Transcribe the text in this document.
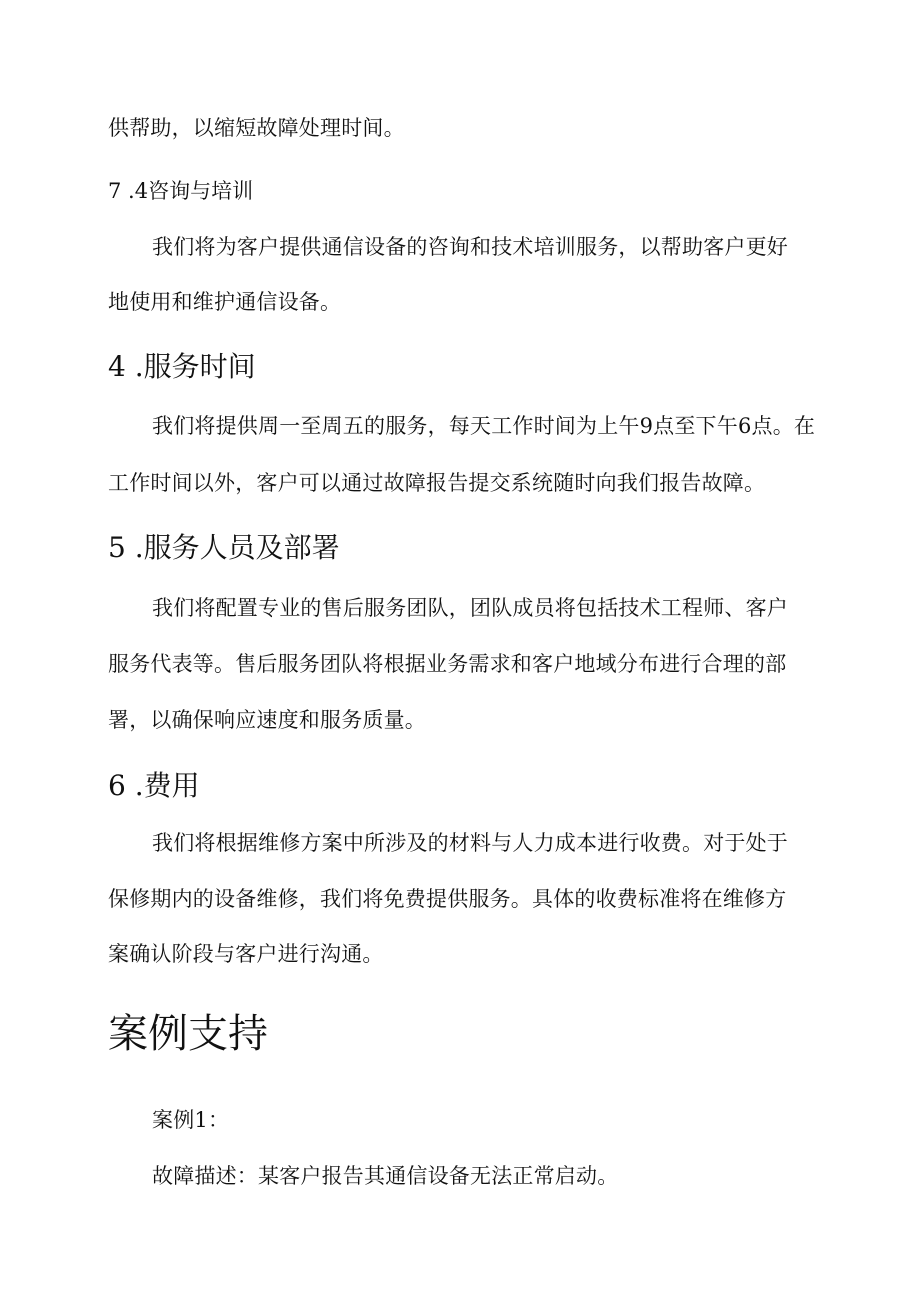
供帮助，以缩短故障处理时间。
7 .4咨询与培训
我们将为客户提供通信设备的咨询和技术培训服务，以帮助客户更好
地使用和维护通信设备。
4 .服务时间
我们将提供周一至周五的服务，每天工作时间为上午9点至下午6点。在
工作时间以外，客户可以通过故障报告提交系统随时向我们报告故障。
5 .服务人员及部署
我们将配置专业的售后服务团队，团队成员将包括技术工程师、客户
服务代表等。售后服务团队将根据业务需求和客户地域分布进行合理的部
署，以确保响应速度和服务质量。
6 .费用
我们将根据维修方案中所涉及的材料与人力成本进行收费。对于处于
保修期内的设备维修，我们将免费提供服务。具体的收费标准将在维修方
案确认阶段与客户进行沟通。
案例支持
案例1：
故障描述：某客户报告其通信设备无法正常启动。
